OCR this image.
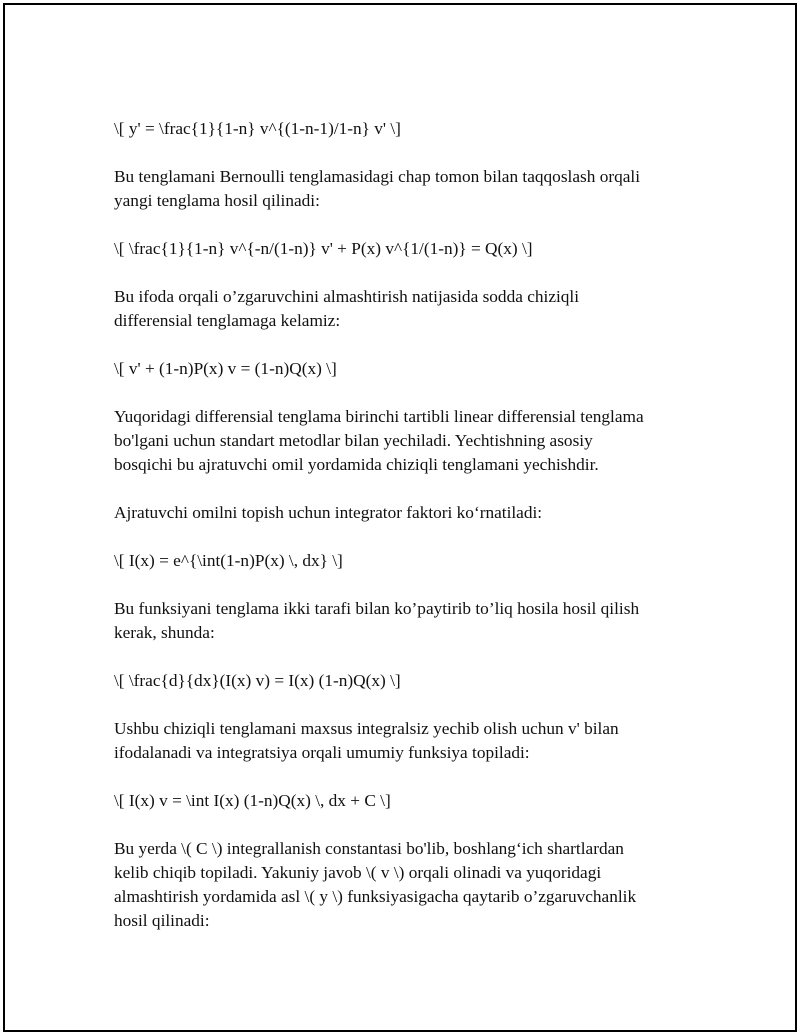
\[ y' = \frac{1}{1-n} v^{(1-n-1)/1-n} v' \]
Bu tenglamani Bernoulli tenglamasidagi chap tomon bilan taqqoslash orqali
yangi tenglama hosil qilinadi:
\[ \frac{1}{1-n} v^{-n/(1-n)} v' + P(x) v^{1/(1-n)} = Q(x) \]
Bu ifoda orqali o’zgaruvchini almashtirish natijasida sodda chiziqli
differensial tenglamaga kelamiz:
\[ v' + (1-n)P(x) v = (1-n)Q(x) \]
Yuqoridagi differensial tenglama birinchi tartibli linear differensial tenglama
bo'lgani uchun standart metodlar bilan yechiladi. Yechtishning asosiy
bosqichi bu ajratuvchi omil yordamida chiziqli tenglamani yechishdir.
Ajratuvchi omilni topish uchun integrator faktori ko‘rnatiladi:
\[ I(x) = e^{\int(1-n)P(x) \, dx} \]
Bu funksiyani tenglama ikki tarafi bilan ko’paytirib to’liq hosila hosil qilish
kerak, shunda:
\[ \frac{d}{dx}(I(x) v) = I(x) (1-n)Q(x) \]
Ushbu chiziqli tenglamani maxsus integralsiz yechib olish uchun v' bilan
ifodalanadi va integratsiya orqali umumiy funksiya topiladi:
\[ I(x) v = \int I(x) (1-n)Q(x) \, dx + C \]
Bu yerda \( C \) integrallanish constantasi bo'lib, boshlang‘ich shartlardan
kelib chiqib topiladi. Yakuniy javob \( v \) orqali olinadi va yuqoridagi
almashtirish yordamida asl \( y \) funksiyasigacha qaytarib o’zgaruvchanlik
hosil qilinadi:
